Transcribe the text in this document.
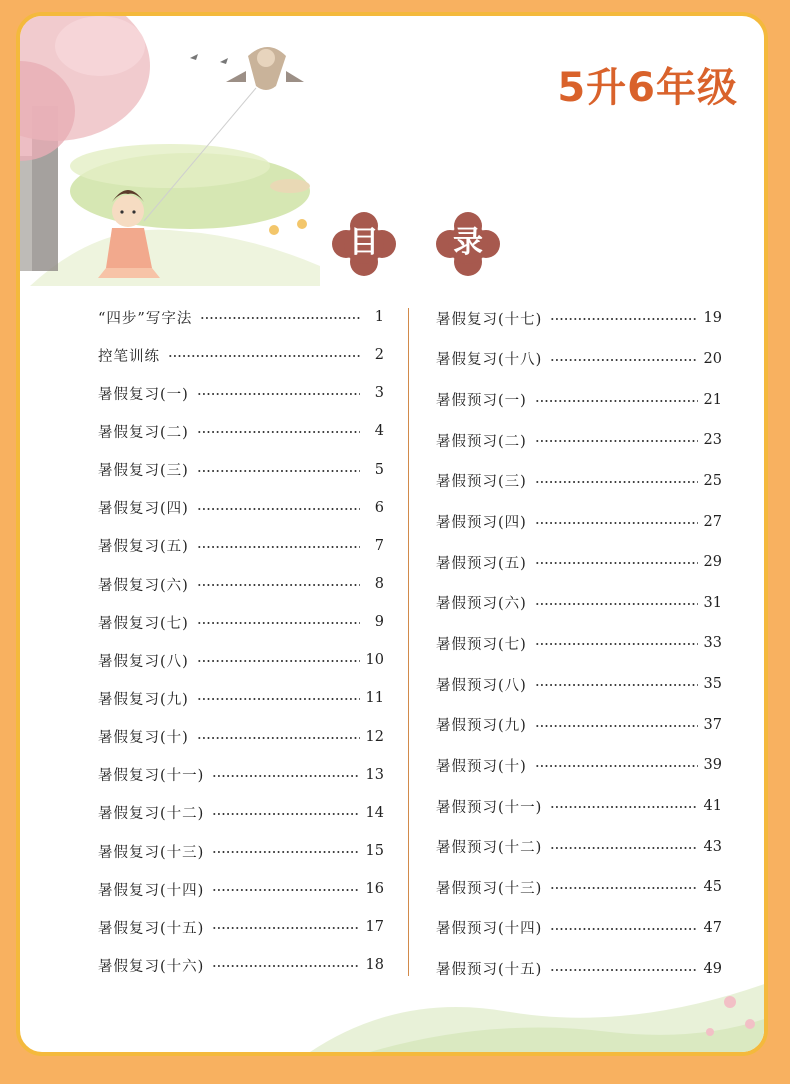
5升6年级
目	录
“四步”写字法	1
控笔训练	2
暑假复习(一)	3
暑假复习(二)	4
暑假复习(三)	5
暑假复习(四)	6
暑假复习(五)	7
暑假复习(六)	8
暑假复习(七)	9
暑假复习(八)	10
暑假复习(九)	11
暑假复习(十)	12
暑假复习(十一)	13
暑假复习(十二)	14
暑假复习(十三)	15
暑假复习(十四)	16
暑假复习(十五)	17
暑假复习(十六)	18
暑假复习(十七)	19
暑假复习(十八)	20
暑假预习(一)	21
暑假预习(二)	23
暑假预习(三)	25
暑假预习(四)	27
暑假预习(五)	29
暑假预习(六)	31
暑假预习(七)	33
暑假预习(八)	35
暑假预习(九)	37
暑假预习(十)	39
暑假预习(十一)	41
暑假预习(十二)	43
暑假预习(十三)	45
暑假预习(十四)	47
暑假预习(十五)	49
